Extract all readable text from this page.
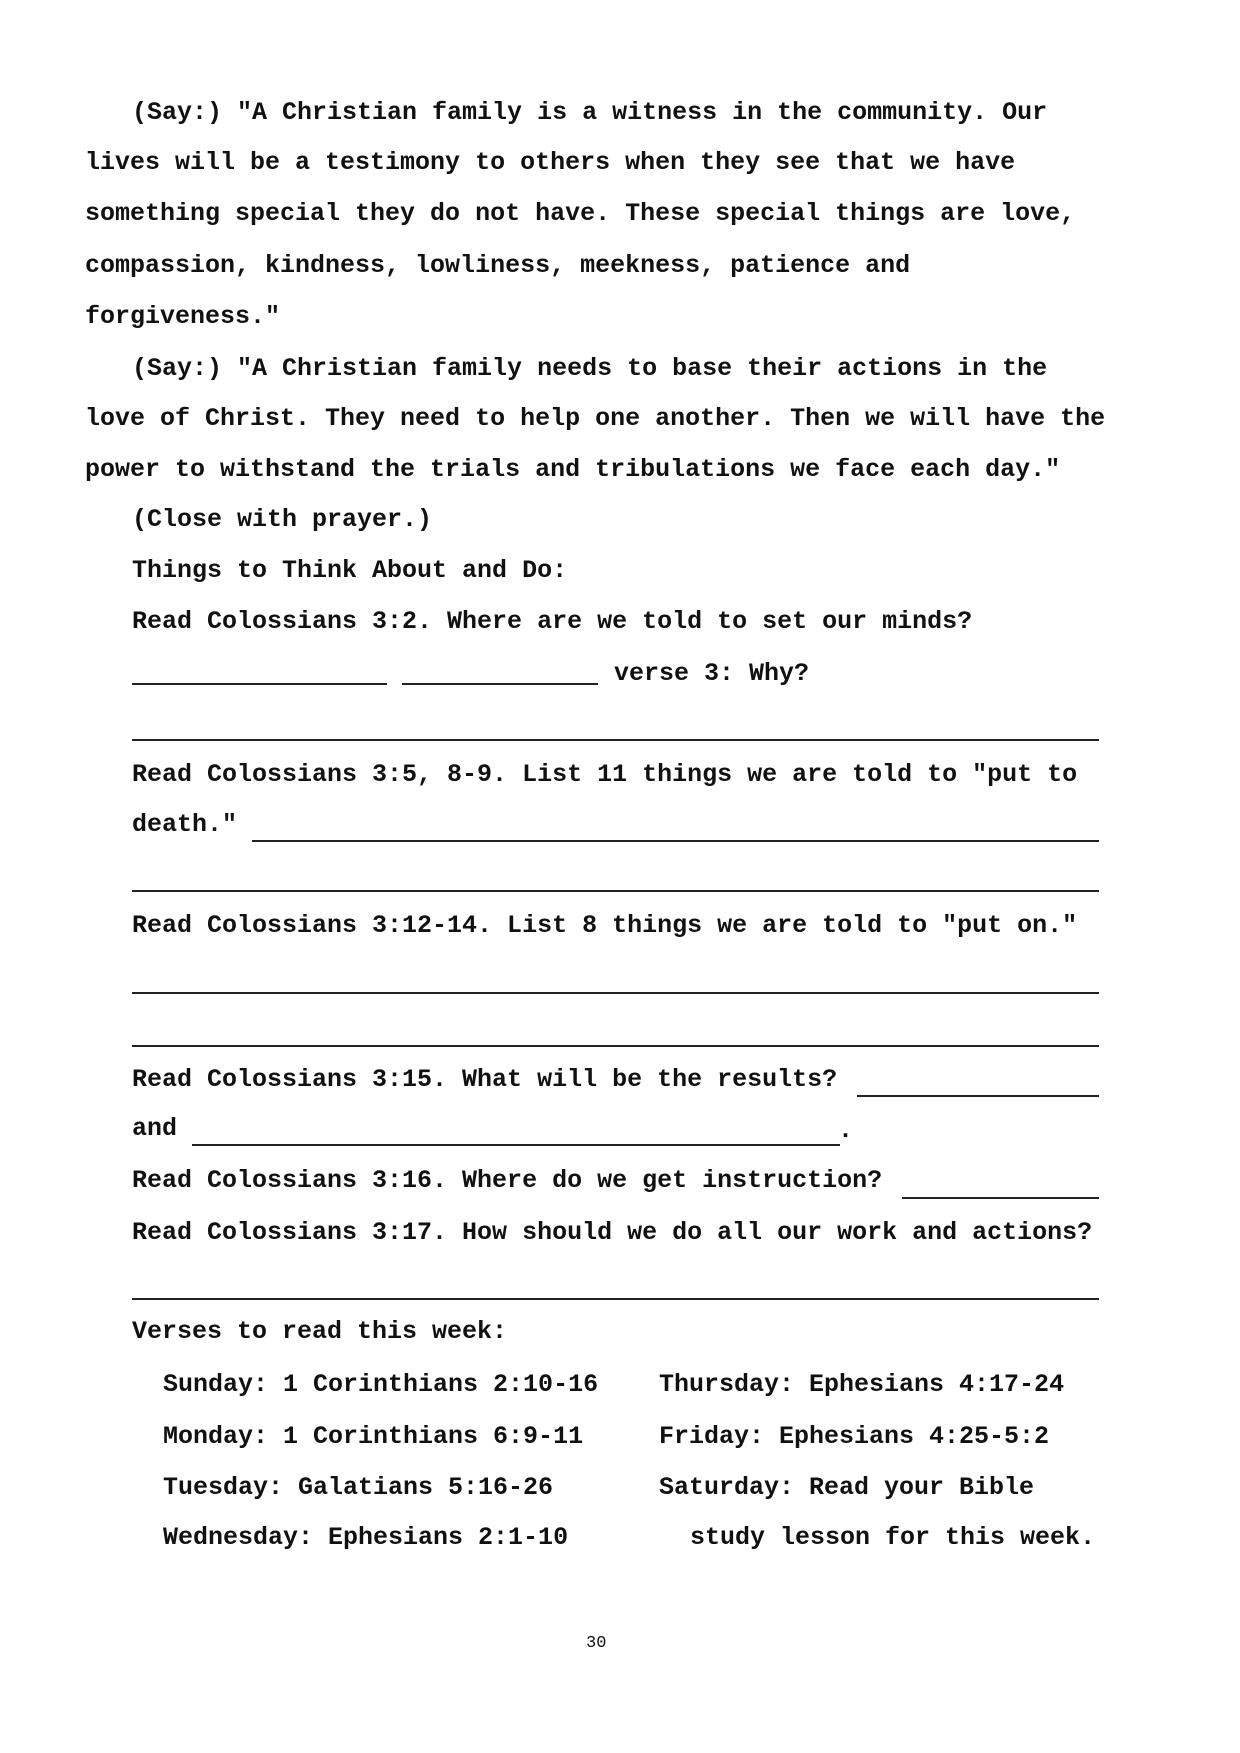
(Say:) "A Christian family is a witness in the community. Our
lives will be a testimony to others when they see that we have
something special they do not have. These special things are love,
compassion, kindness, lowliness, meekness, patience and
forgiveness."
(Say:) "A Christian family needs to base their actions in the
love of Christ. They need to help one another. Then we will have the
power to withstand the trials and tribulations we face each day."
(Close with prayer.)
Things to Think About and Do:
Read Colossians 3:2. Where are we told to set our minds?
verse 3: Why?
Read Colossians 3:5, 8-9. List 11 things we are told to "put to
death."
Read Colossians 3:12-14. List 8 things we are told to "put on."
Read Colossians 3:15. What will be the results?
and	.
Read Colossians 3:16. Where do we get instruction?
Read Colossians 3:17. How should we do all our work and actions?
Verses to read this week:
Sunday: 1 Corinthians 2:10-16
Monday: 1 Corinthians 6:9-11
Tuesday: Galatians 5:16-26
Wednesday: Ephesians 2:1-10
Thursday: Ephesians 4:17-24
Friday: Ephesians 4:25-5:2
Saturday: Read your Bible
study lesson for this week.
30
